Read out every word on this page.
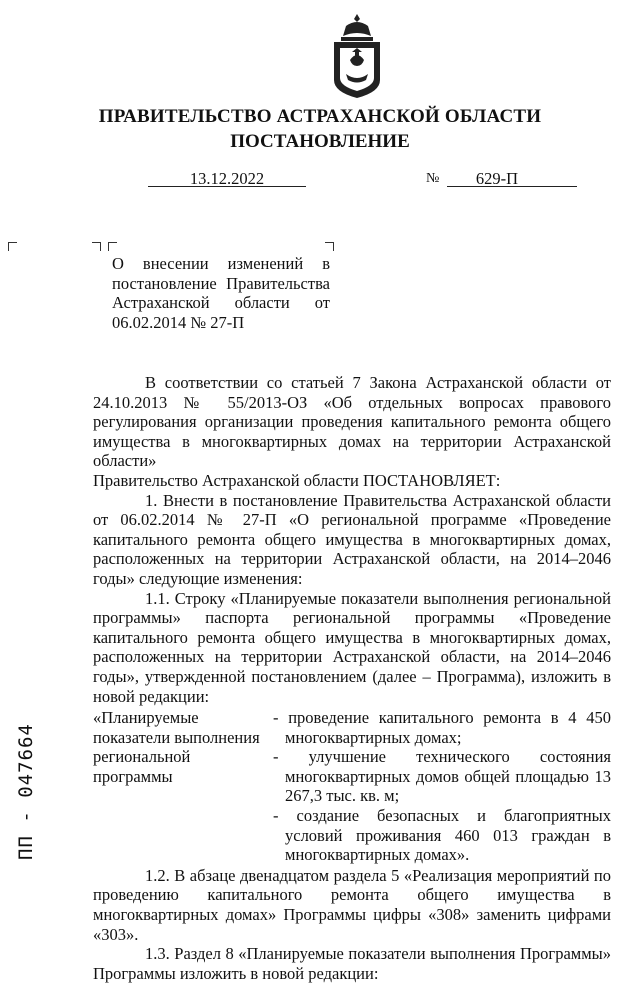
ПРАВИТЕЛЬСТВО АСТРАХАНСКОЙ ОБЛАСТИ
ПОСТАНОВЛЕНИЕ
13.12.2022	№	629-П
О внесении изменений в постановление Правительства Астраханской области от 06.02.2014 № 27-П

В соответствии со статьей 7 Закона Астраханской области от 24.10.2013 № 55/2013-ОЗ «Об отдельных вопросах правового регулирования организации проведения капитального ремонта общего имущества в многоквартирных домах на территории Астраханской области»

Правительство Астраханской области ПОСТАНОВЛЯЕТ:

1. Внести в постановление Правительства Астраханской области от 06.02.2014 № 27-П «О региональной программе «Проведение капитального ремонта общего имущества в многоквартирных домах, расположенных на территории Астраханской области, на 2014–2046 годы» следующие изменения:

1.1. Строку «Планируемые показатели выполнения региональной программы» паспорта региональной программы «Проведение капитального ремонта общего имущества в многоквартирных домах, расположенных на территории Астраханской области, на 2014–2046 годы», утвержденной постановлением (далее – Программа), изложить в новой редакции:

«Планируемые показатели выполнения региональной программы
- проведение капитального ремонта в 4 450 многоквартирных домах;
- улучшение технического состояния многоквартирных домов общей площадью 13 267,3 тыс. кв. м;
- создание безопасных и благоприятных условий проживания 460 013 граждан в многоквартирных домах».

1.2. В абзаце двенадцатом раздела 5 «Реализация мероприятий по проведению капитального ремонта общего имущества в многоквартирных домах» Программы цифры «308» заменить цифрами «303».

1.3. Раздел 8 «Планируемые показатели выполнения Программы» Программы изложить в новой редакции:

ПП - 047664
